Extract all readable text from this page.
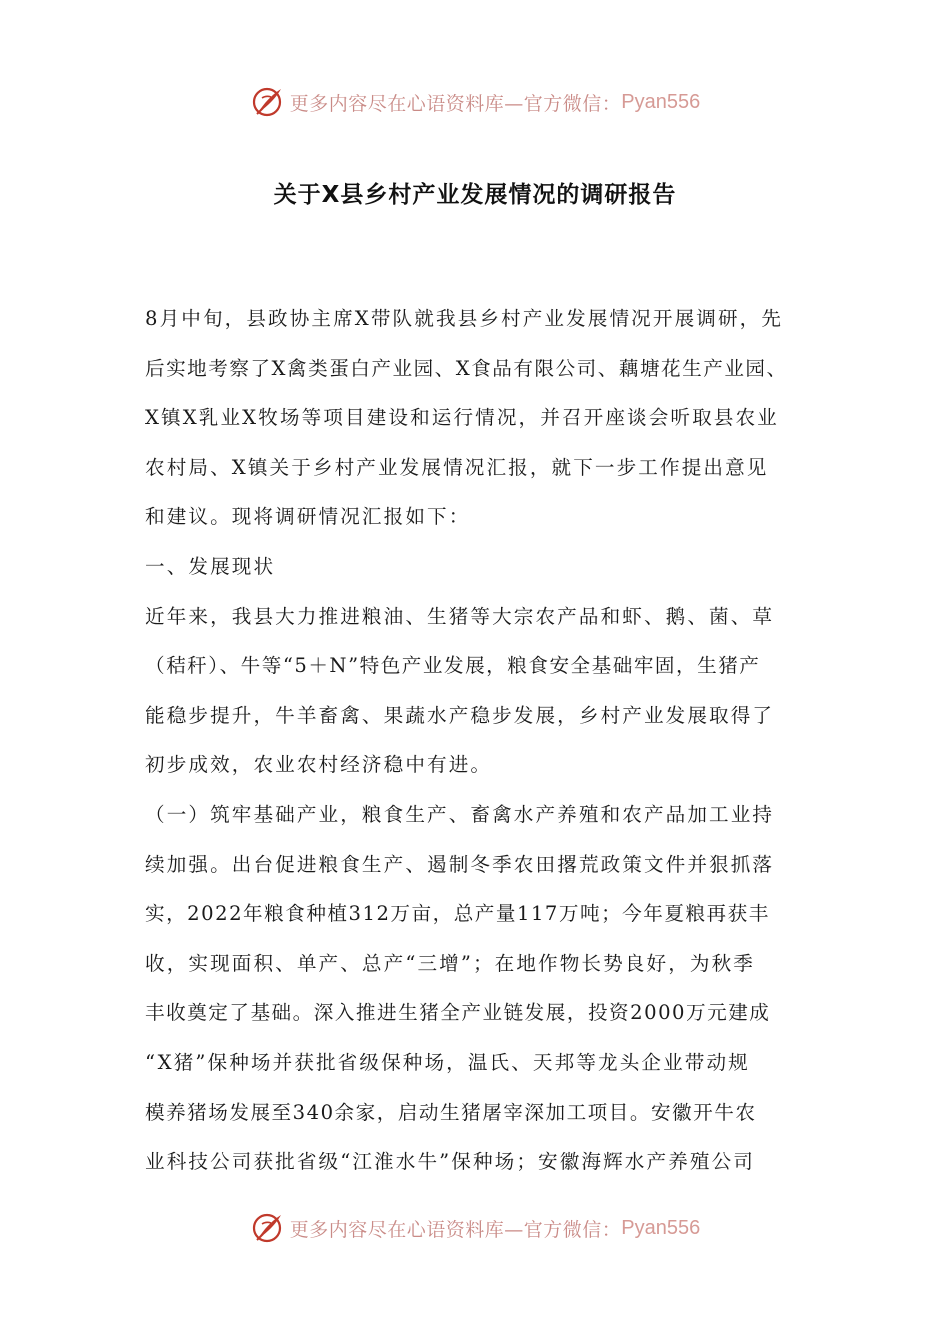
更多内容尽在心语资料库—官方微信： Pyan556
关于X县乡村产业发展情况的调研报告
8月中旬，县政协主席X带队就我县乡村产业发展情况开展调研，先
后实地考察了X禽类蛋白产业园、X食品有限公司、藕塘花生产业园、
X镇X乳业X牧场等项目建设和运行情况，并召开座谈会听取县农业
农村局、X镇关于乡村产业发展情况汇报，就下一步工作提出意见
和建议。现将调研情况汇报如下：
一、发展现状
近年来，我县大力推进粮油、生猪等大宗农产品和虾、鹅、菌、草
（秸秆）、牛等“5＋N”特色产业发展，粮食安全基础牢固，生猪产
能稳步提升，牛羊畜禽、果蔬水产稳步发展，乡村产业发展取得了
初步成效，农业农村经济稳中有进。
（一）筑牢基础产业，粮食生产、畜禽水产养殖和农产品加工业持
续加强。出台促进粮食生产、遏制冬季农田撂荒政策文件并狠抓落
实，2022年粮食种植312万亩，总产量117万吨；今年夏粮再获丰
收，实现面积、单产、总产“三增”；在地作物长势良好，为秋季
丰收奠定了基础。深入推进生猪全产业链发展，投资2000万元建成
“X猪”保种场并获批省级保种场，温氏、天邦等龙头企业带动规
模养猪场发展至340余家，启动生猪屠宰深加工项目。安徽开牛农
业科技公司获批省级“江淮水牛”保种场；安徽海辉水产养殖公司
更多内容尽在心语资料库—官方微信： Pyan556
